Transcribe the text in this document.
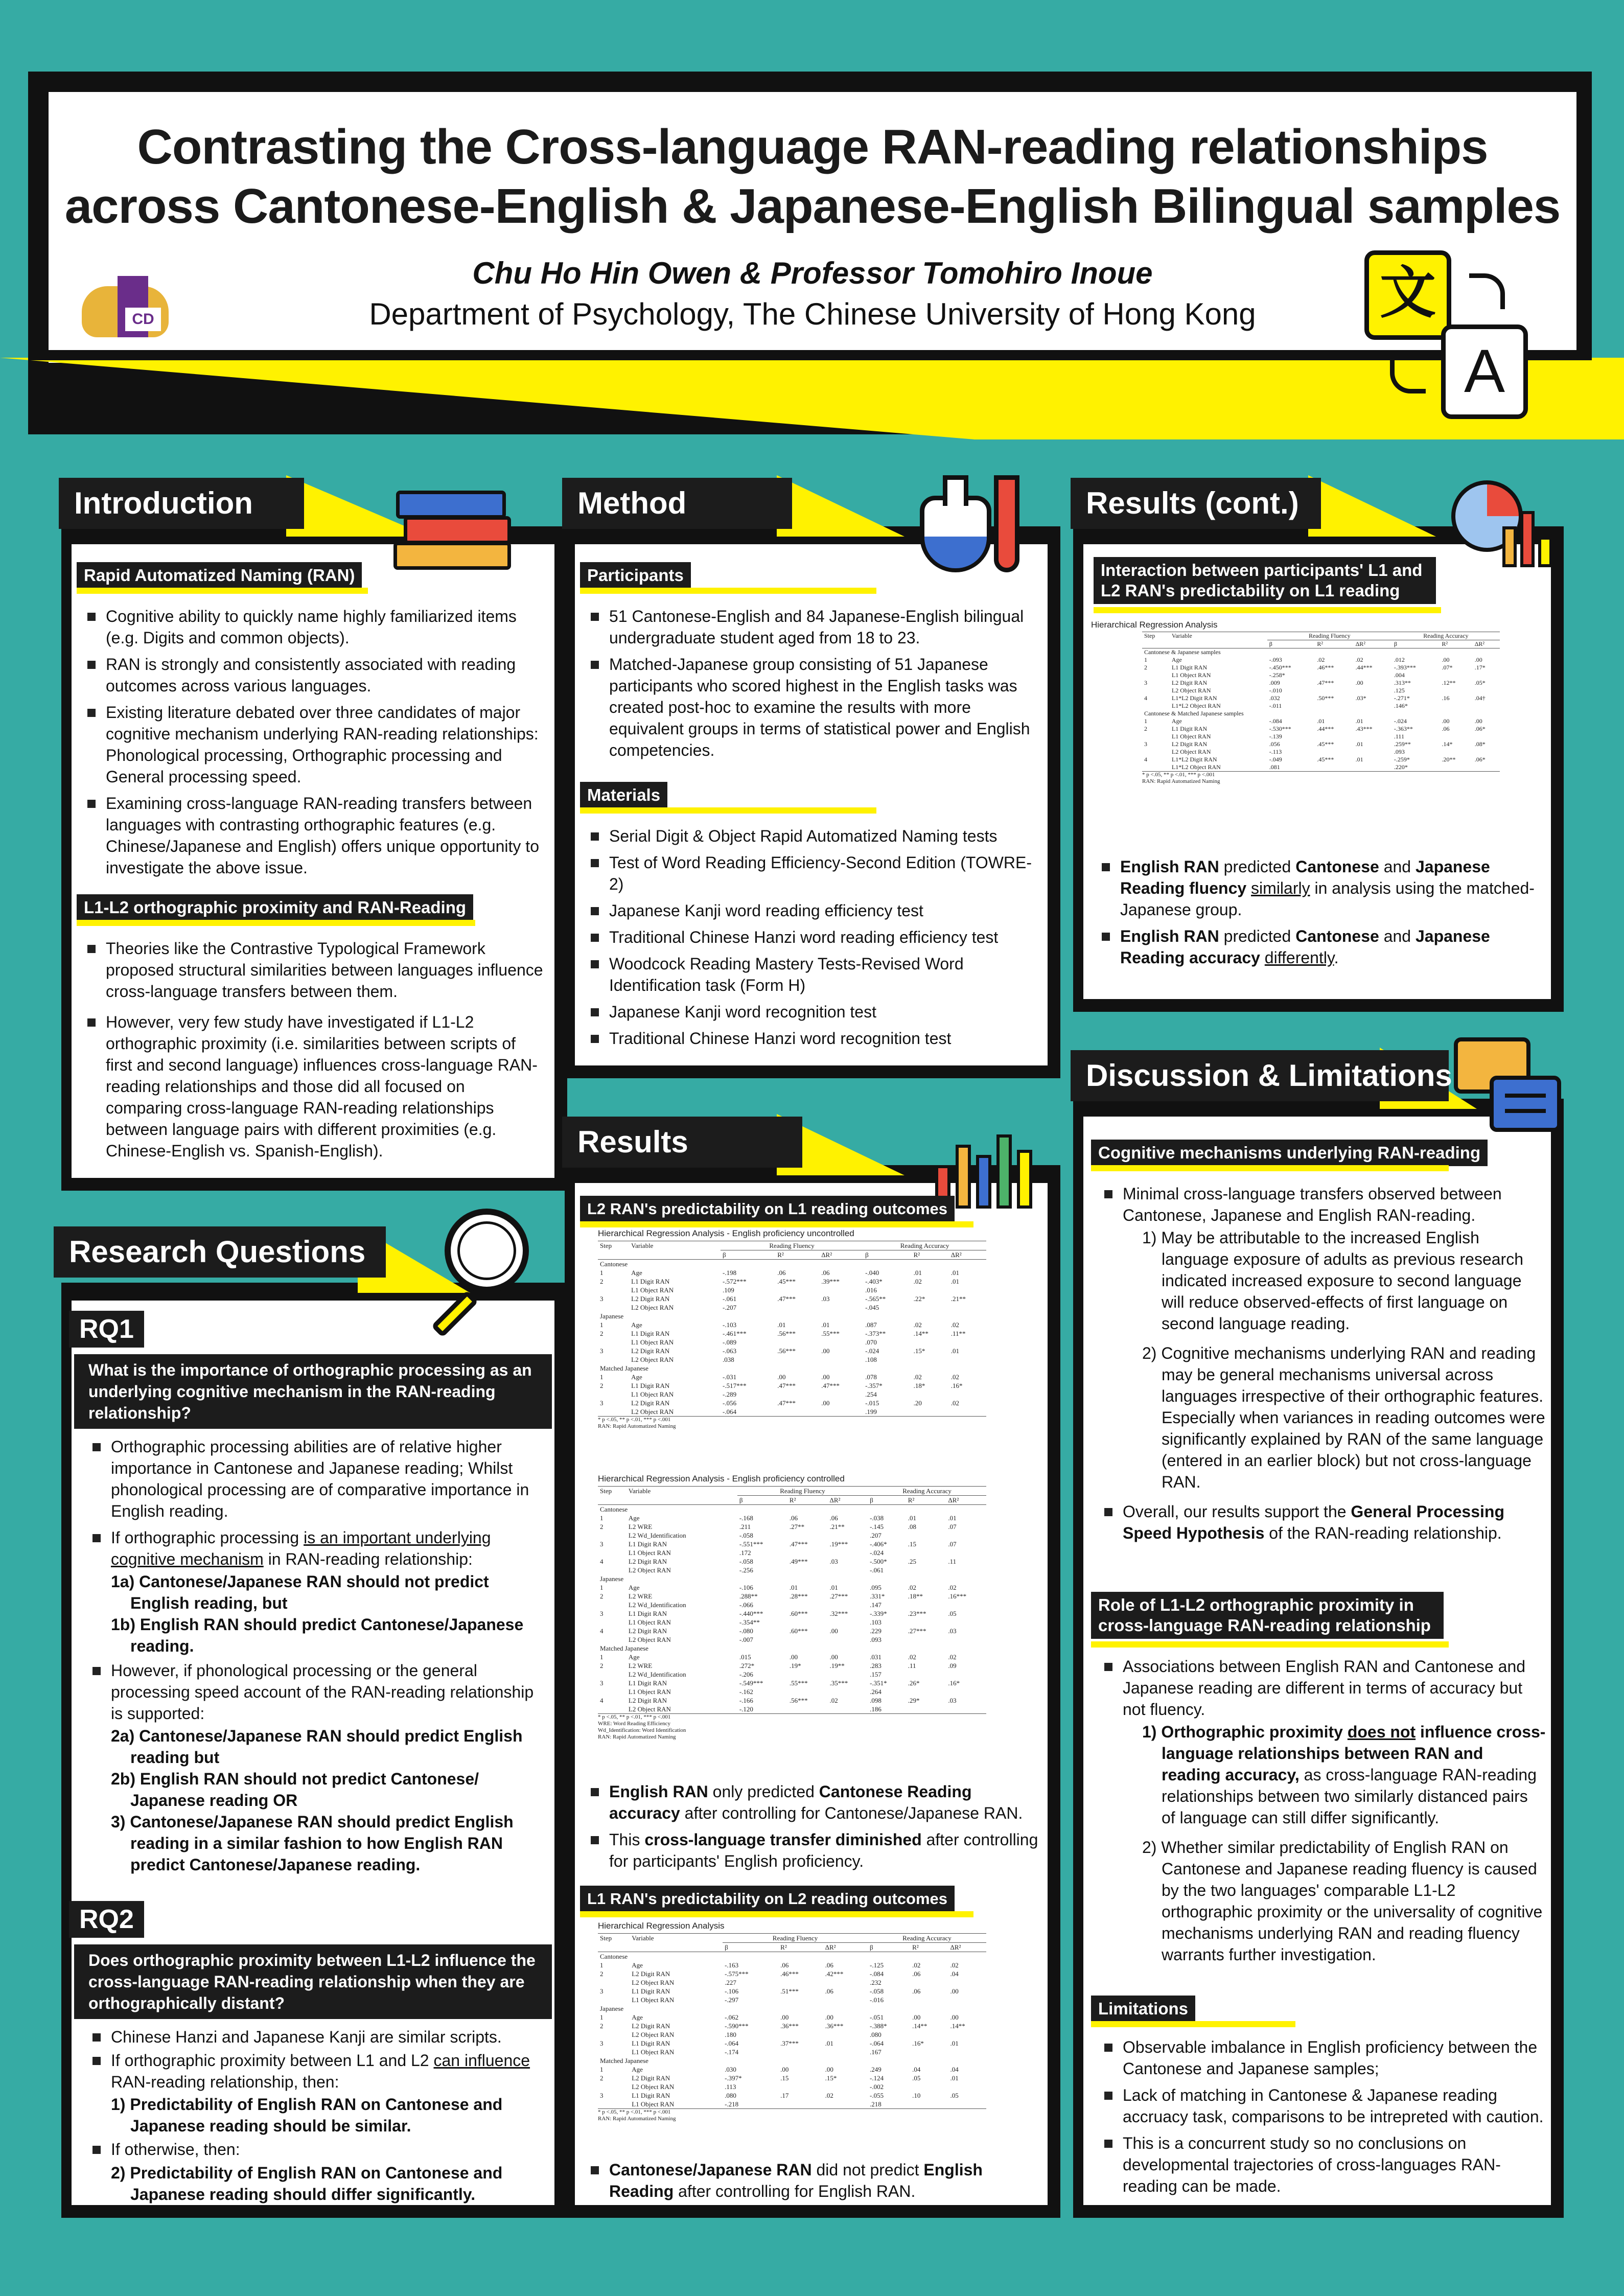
Contrasting the Cross-language RAN-reading relationships
across Cantonese-English & Japanese-English Bilingual samples
Chu Ho Hin Owen & Professor Tomohiro Inoue
Department of Psychology, The Chinese University of Hong Kong
CD	文
A
Introduction
Rapid Automatized Naming (RAN)
Cognitive ability to quickly name highly familiarized items (e.g. Digits and common objects).
RAN is strongly and consistently associated with reading outcomes across various languages.
Existing literature debated over three candidates of major cognitive mechanism underlying RAN-reading relationships: Phonological processing, Orthographic processing and General processing speed.
Examining cross-language RAN-reading transfers between languages with contrasting orthographic features (e.g. Chinese/Japanese and English) offers unique opportunity to investigate the above issue.
L1-L2 orthographic proximity and RAN-Reading
Theories like the Contrastive Typological Framework proposed structural similarities between languages influence cross-language transfers between them.
However, very few study have investigated if L1-L2 orthographic proximity (i.e. similarities between scripts of first and second language) influences cross-language RAN-reading relationships and those did all focused on comparing cross-language RAN-reading relationships between language pairs with different proximities (e.g. Chinese-English vs. Spanish-English).
Research Questions
RQ1
What is the importance of orthographic processing as an underlying cognitive mechanism in the RAN-reading relationship?
Orthographic processing abilities are of relative higher importance in Cantonese and Japanese reading; Whilst phonological processing are of comparative importance in English reading.
If orthographic processing is an important underlying cognitive mechanism in RAN-reading relationship:
1a) Cantonese/Japanese RAN should not predict English reading, but
1b) English RAN should predict Cantonese/Japanese reading.
However, if phonological processing or the general processing speed account of the RAN-reading relationship is supported:
2a) Cantonese/Japanese RAN should predict English reading but
2b) English RAN should not predict Cantonese/ Japanese reading OR
3) Cantonese/Japanese RAN should predict English reading in a similar fashion to how English RAN predict Cantonese/Japanese reading.
RQ2
Does orthographic proximity between L1-L2 influence the cross-language RAN-reading relationship when they are orthographically distant?
Chinese Hanzi and Japanese Kanji are similar scripts.
If orthographic proximity between L1 and L2 can influence RAN-reading relationship, then:
1) Predictability of English RAN on Cantonese and Japanese reading should be similar.
If otherwise, then:
2) Predictability of English RAN on Cantonese and Japanese reading should differ significantly.
Method
Participants
51 Cantonese-English and 84 Japanese-English bilingual undergraduate student aged from 18 to 23.
Matched-Japanese group consisting of 51 Japanese participants who scored highest in the English tasks was created post-hoc to examine the results with more equivalent groups in terms of statistical power and English competencies.
Materials
Serial Digit & Object Rapid Automatized Naming tests
Test of Word Reading Efficiency-Second Edition (TOWRE-2)
Japanese Kanji word reading efficiency test
Traditional Chinese Hanzi word reading efficiency test
Woodcock Reading Mastery Tests-Revised Word Identification task (Form H)
Japanese Kanji word recognition test
Traditional Chinese Hanzi word recognition test
Results
L2 RAN's predictability on L1 reading outcomes
Hierarchical Regression Analysis - English proficiency uncontrolled
Step	Variable	Reading Fluency			Reading Accuracy		
		β	R²	ΔR²	β	R²	ΔR²
Cantonese							
1	Age	-.198	.06	.06	-.040	.01	.01
2	L1 Digit RAN	-.572***	.45***	.39***	-.403*	.02	.01
	L1 Object RAN	.109			.016		
3	L2 Digit RAN	-.061	.47***	.03	-.565**	.22*	.21**
	L2 Object RAN	-.207			-.045		
Japanese							
1	Age	-.103	.01	.01	.087	.02	.02
2	L1 Digit RAN	-.461***	.56***	.55***	-.373**	.14**	.11**
	L1 Object RAN	-.089			.070		
3	L2 Digit RAN	-.063	.56***	.00	-.024	.15*	.01
	L2 Object RAN	.038			.108		
Matched Japanese							
1	Age	-.031	.00	.00	.078	.02	.02
2	L1 Digit RAN	-.517***	.47***	.47***	-.357*	.18*	.16*
	L1 Object RAN	-.289			.254		
3	L2 Digit RAN	-.056	.47***	.00	-.015	.20	.02
	L2 Object RAN	-.064			.199		
* p <.05, ** p <.01, *** p <.001
RAN: Rapid Automatized Naming
Hierarchical Regression Analysis - English proficiency controlled
Step	Variable	Reading Fluency			Reading Accuracy		
		β	R²	ΔR²	β	R²	ΔR²
Cantonese							
1	Age	-.168	.06	.06	-.038	.01	.01
2	L2 WRE	.211	.27**	.21**	-.145	.08	.07
	L2 Wd_Identification	-.058			.207		
3	L1 Digit RAN	-.551***	.47***	.19***	-.406*	.15	.07
	L1 Object RAN	.172			-.024		
4	L2 Digit RAN	-.058	.49***	.03	-.500*	.25	.11
	L2 Object RAN	-.256			-.061		
Japanese							
1	Age	-.106	.01	.01	.095	.02	.02
2	L2 WRE	.288**	.28***	.27***	.331*	.18**	.16***
	L2 Wd_Identification	-.066			.147		
3	L1 Digit RAN	-.440***	.60***	.32***	-.339*	.23***	.05
	L1 Object RAN	-.354**			.103		
4	L2 Digit RAN	-.080	.60***	.00	.229	.27***	.03
	L2 Object RAN	-.007			.093		
Matched Japanese							
1	Age	.015	.00	.00	.031	.02	.02
2	L2 WRE	.272*	.19*	.19**	.283	.11	.09
	L2 Wd_Identification	-.206			.157		
3	L1 Digit RAN	-.549***	.55***	.35***	-.351*	.26*	.16*
	L1 Object RAN	-.162			.264		
4	L2 Digit RAN	-.166	.56***	.02	.098	.29*	.03
	L2 Object RAN	-.120			.186		
* p <.05, ** p <.01, *** p <.001
WRE: Word Reading Efficiency
Wd_Identification: Word Identification
RAN: Rapid Automatized Naming
English RAN only predicted Cantonese Reading accuracy after controlling for Cantonese/Japanese RAN.
This cross-language transfer diminished after controlling for participants' English proficiency.
L1 RAN's predictability on L2 reading outcomes
Hierarchical Regression Analysis
Step	Variable	Reading Fluency			Reading Accuracy		
		β	R²	ΔR²	β	R²	ΔR²
Cantonese							
1	Age	-.163	.06	.06	-.125	.02	.02
2	L2 Digit RAN	-.575***	.46***	.42***	-.084	.06	.04
	L2 Object RAN	.227			.232		
3	L1 Digit RAN	-.106	.51***	.06	-.058	.06	.00
	L1 Object RAN	-.297			-.016		
Japanese							
1	Age	-.062	.00	.00	-.051	.00	.00
2	L2 Digit RAN	-.590***	.36***	.36***	-.388*	.14**	.14**
	L2 Object RAN	.180			.080		
3	L1 Digit RAN	-.064	.37***	.01	-.064	.16*	.01
	L1 Object RAN	-.174			.167		
Matched Japanese							
1	Age	.030	.00	.00	.249	.04	.04
2	L2 Digit RAN	-.397*	.15	.15*	-.124	.05	.01
	L2 Object RAN	.113			-.002		
3	L1 Digit RAN	.080	.17	.02	-.055	.10	.05
	L1 Object RAN	-.218			.218		
* p <.05, ** p <.01, *** p <.001
RAN: Rapid Automatized Naming
Cantonese/Japanese RAN did not predict English Reading after controlling for English RAN.
Results (cont.)
Interaction between participants' L1 and L2 RAN's predictability on L1 reading
Hierarchical Regression Analysis
Step	Variable	Reading Fluency			Reading Accuracy		
		β	R²	ΔR²	β	R²	ΔR²
Cantonese & Japanese samples							
1	Age	-.093	.02	.02	.012	.00	.00
2	L1 Digit RAN	-.450***	.46***	.44***	-.393***	.07*	.17*
	L1 Object RAN	-.258*			.004		
3	L2 Digit RAN	.009	.47***	.00	.313**	.12**	.05*
	L2 Object RAN	-.010			.125		
4	L1*L2 Digit RAN	.032	.50***	.03*	-.271*	.16	.04†
	L1*L2 Object RAN	-.011			.146*		
Cantonese & Matched Japanese samples							
1	Age	-.084	.01	.01	-.024	.00	.00
2	L1 Digit RAN	-.530***	.44***	.43***	-.363**	.06	.06*
	L1 Object RAN	-.139			.111		
3	L2 Digit RAN	.056	.45***	.01	.259**	.14*	.08*
	L2 Object RAN	-.113			.093		
4	L1*L2 Digit RAN	-.049	.45***	.01	-.259*	.20**	.06*
	L1*L2 Object RAN	.081			.220*		
* p <.05, ** p <.01, *** p <.001
RAN: Rapid Automatized Naming
English RAN predicted Cantonese and Japanese Reading fluency similarly in analysis using the matched-Japanese group.
English RAN predicted Cantonese and Japanese Reading accuracy differently.
Discussion & Limitations
Cognitive mechanisms underlying RAN-reading
Minimal cross-language transfers observed between Cantonese, Japanese and English RAN-reading.
1) May be attributable to the increased English language exposure of adults as previous research indicated increased exposure to second language will reduce observed-effects of first language on second language reading.
2) Cognitive mechanisms underlying RAN and reading may be general mechanisms universal across languages irrespective of their orthographic features. Especially when variances in reading outcomes were significantly explained by RAN of the same language (entered in an earlier block) but not cross-language RAN.
Overall, our results support the General Processing Speed Hypothesis of the RAN-reading relationship.
Role of L1-L2 orthographic proximity in cross-language RAN-reading relationship
Associations between English RAN and Cantonese and Japanese reading are different in terms of accuracy but not fluency.
1) Orthographic proximity does not influence cross-language relationships between RAN and reading accuracy, as cross-language RAN-reading relationships between two similarly distanced pairs of language can still differ significantly.
2) Whether similar predictability of English RAN on Cantonese and Japanese reading fluency is caused by the two languages' comparable L1-L2 orthographic proximity or the universality of cognitive mechanisms underlying RAN and reading fluency warrants further investigation.
Limitations
Observable imbalance in English proficiency between the Cantonese and Japanese samples;
Lack of matching in Cantonese & Japanese reading accruacy task, comparisons to be intrepreted with caution.
This is a concurrent study so no conclusions on developmental trajectories of cross-languages RAN-reading can be made.
